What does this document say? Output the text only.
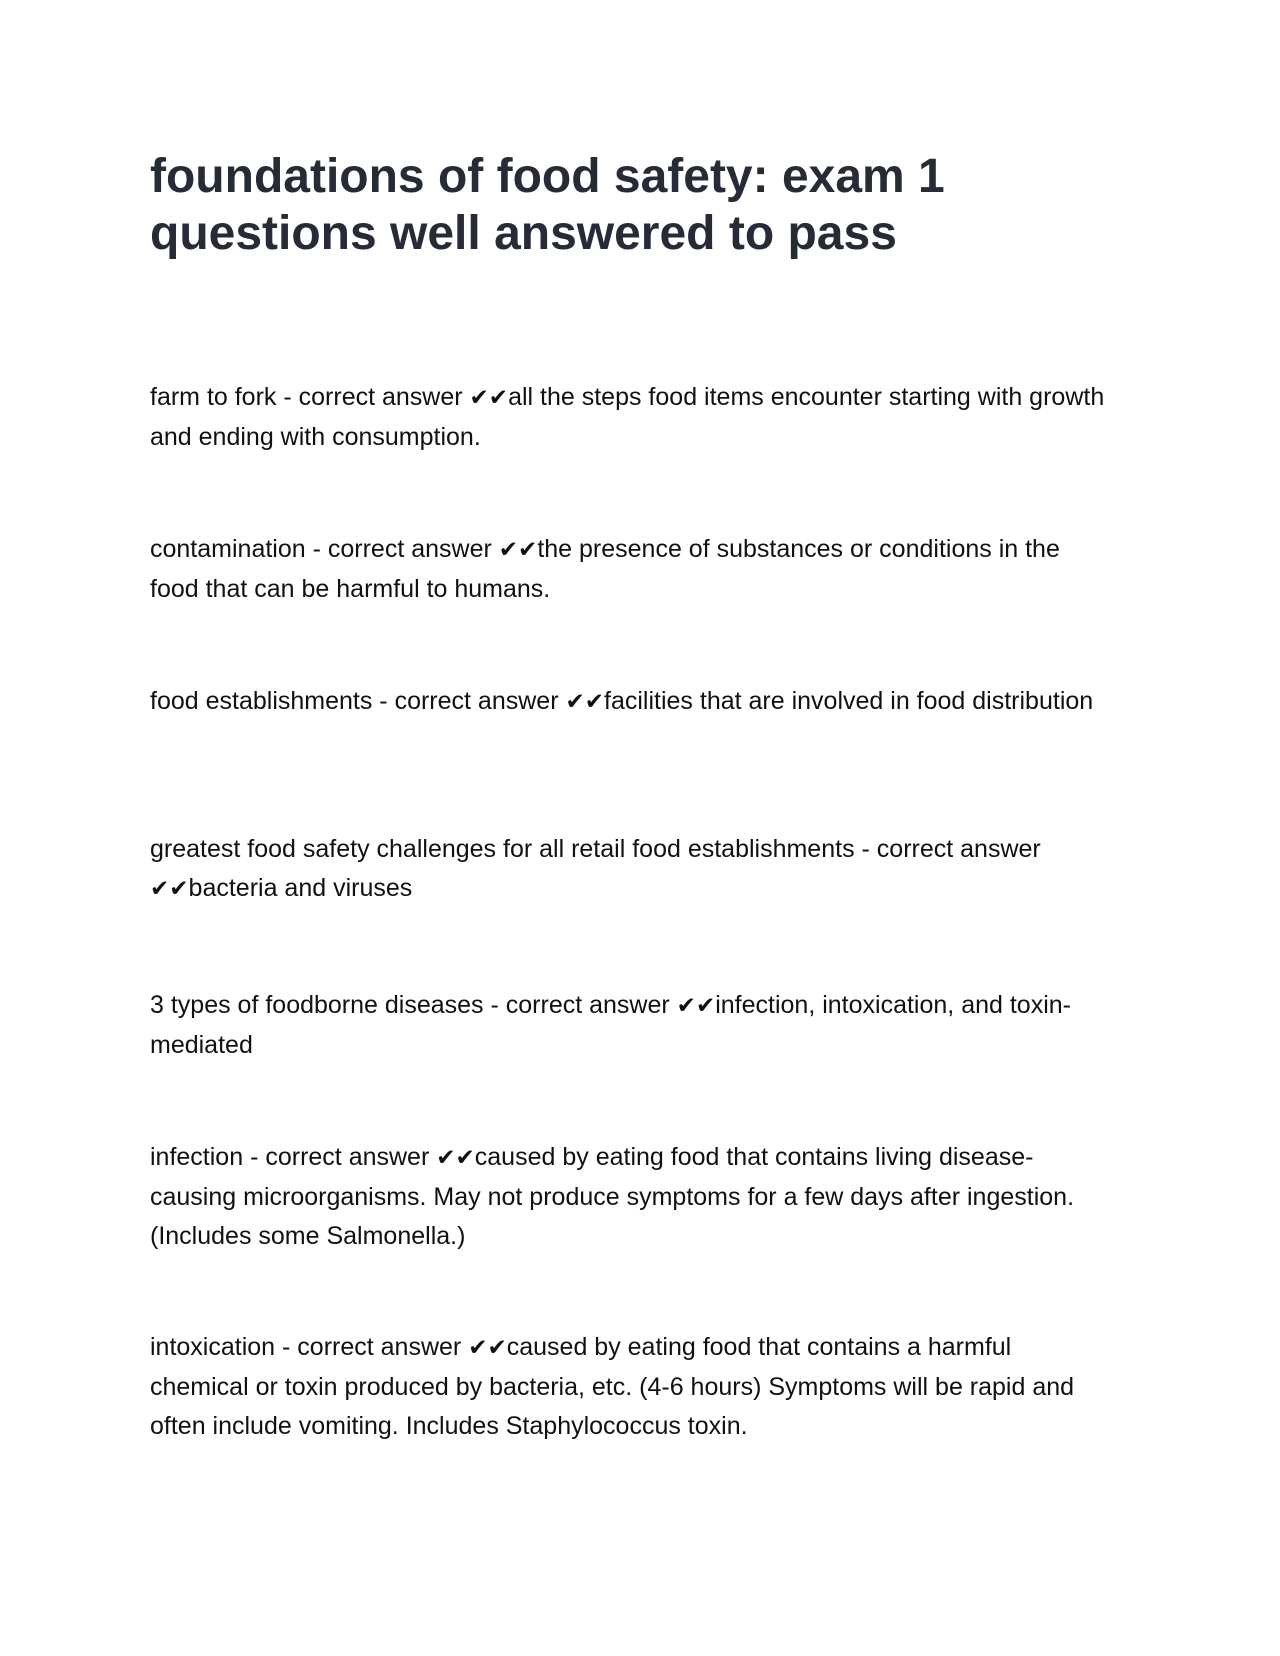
foundations of food safety: exam 1 questions well answered to pass

farm to fork - correct answer ✔✔all the steps food items encounter starting with growth and ending with consumption.

contamination - correct answer ✔✔the presence of substances or conditions in the food that can be harmful to humans.

food establishments - correct answer ✔✔facilities that are involved in food distribution

greatest food safety challenges for all retail food establishments - correct answer ✔✔bacteria and viruses

3 types of foodborne diseases - correct answer ✔✔infection, intoxication, and toxin-mediated

infection - correct answer ✔✔caused by eating food that contains living disease-causing microorganisms. May not produce symptoms for a few days after ingestion. (Includes some Salmonella.)

intoxication - correct answer ✔✔caused by eating food that contains a harmful chemical or toxin produced by bacteria, etc. (4-6 hours) Symptoms will be rapid and often include vomiting. Includes Staphylococcus toxin.
